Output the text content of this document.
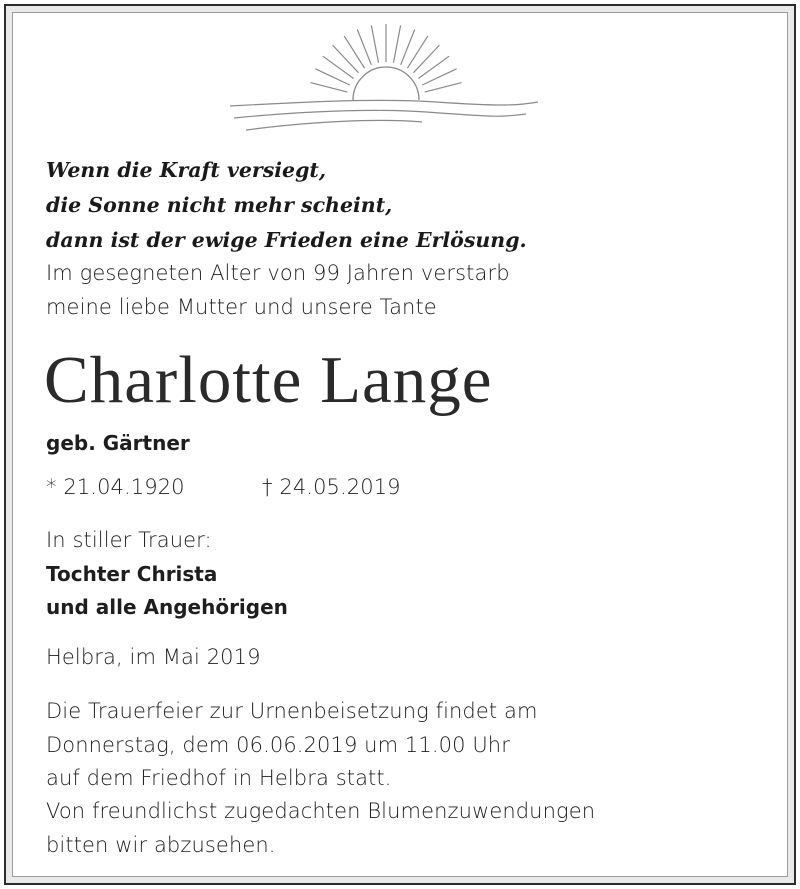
Wenn die Kraft versiegt,
die Sonne nicht mehr scheint,
dann ist der ewige Frieden eine Erlösung.
Im gesegneten Alter von 99 Jahren verstarb
meine liebe Mutter und unsere Tante
Charlotte Lange
geb. Gärtner
* 21.04.1920	† 24.05.2019
In stiller Trauer:
Tochter Christa
und alle Angehörigen
Helbra, im Mai 2019
Die Trauerfeier zur Urnenbeisetzung findet am
Donnerstag, dem 06.06.2019 um 11.00 Uhr
auf dem Friedhof in Helbra statt.
Von freundlichst zugedachten Blumenzuwendungen
bitten wir abzusehen.
